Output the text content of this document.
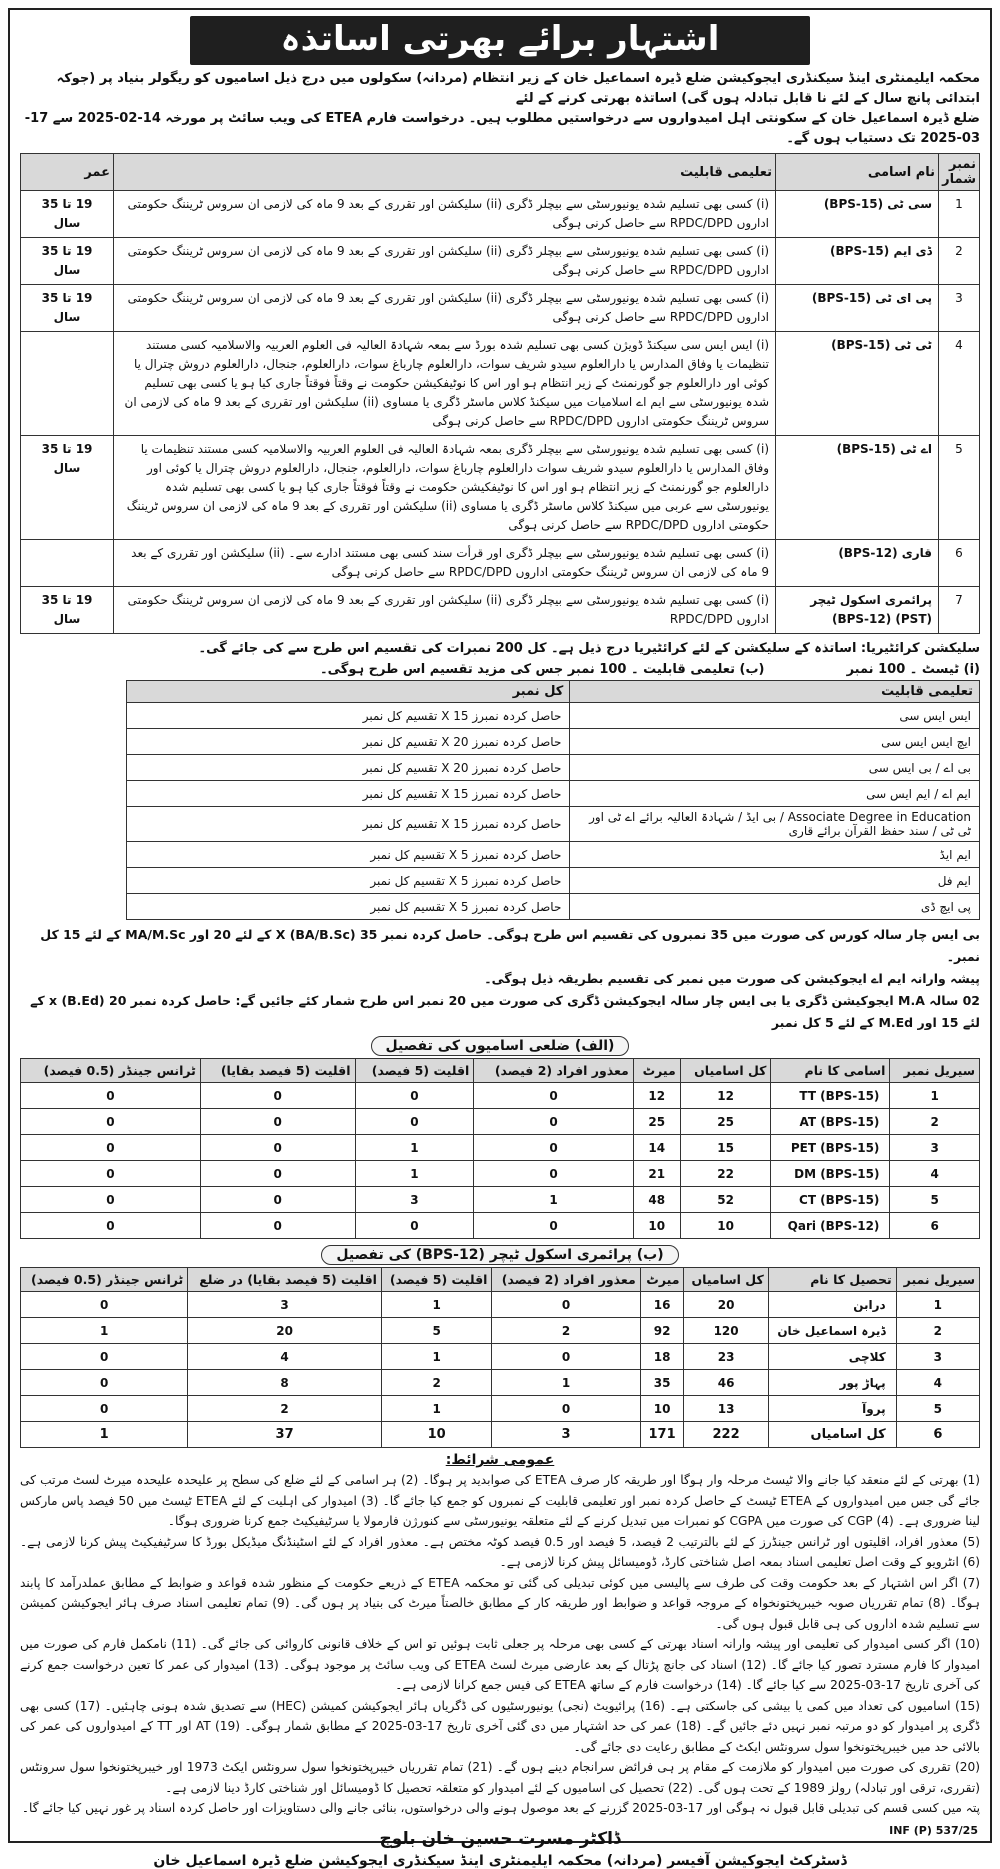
اشتہار برائے بھرتی اساتذہ
محکمہ ایلیمنٹری اینڈ سیکنڈری ایجوکیشن ضلع ڈیرہ اسماعیل خان کے زیر انتظام (مردانہ) سکولوں میں درج ذیل اسامیوں کو ریگولر بنیاد پر (جوکہ ابتدائی پانچ سال کے لئے نا قابل تبادلہ ہوں گی) اساتذہ بھرتی کرنے کے لئے
ضلع ڈیرہ اسماعیل خان کے سکونتی اہل امیدواروں سے درخواستیں مطلوب ہیں۔ درخواست فارم ETEA کی ویب سائٹ پر مورخہ 14-02-2025 سے 17-03-2025 تک دستیاب ہوں گے۔
نمبر شمار	نام اسامی	تعلیمی قابلیت	عمر
1	سی ٹی (BPS-15)	(i) کسی بھی تسلیم شدہ یونیورسٹی سے بیچلر ڈگری (ii) سلیکشن اور تقرری کے بعد 9 ماہ کی لازمی ان سروس ٹریننگ حکومتی اداروں RPDC/DPD سے حاصل کرنی ہوگی	19 تا 35 سال
2	ڈی ایم (BPS-15)	(i) کسی بھی تسلیم شدہ یونیورسٹی سے بیچلر ڈگری (ii) سلیکشن اور تقرری کے بعد 9 ماہ کی لازمی ان سروس ٹریننگ حکومتی اداروں RPDC/DPD سے حاصل کرنی ہوگی	19 تا 35 سال
3	پی ای ٹی (BPS-15)	(i) کسی بھی تسلیم شدہ یونیورسٹی سے بیچلر ڈگری (ii) سلیکشن اور تقرری کے بعد 9 ماہ کی لازمی ان سروس ٹریننگ حکومتی اداروں RPDC/DPD سے حاصل کرنی ہوگی	19 تا 35 سال
4	ٹی ٹی (BPS-15)	(i) ایس ایس سی سیکنڈ ڈویژن کسی بھی تسلیم شدہ بورڈ سے بمعہ شہادۃ العالیہ فی العلوم العربیہ والاسلامیہ کسی مستند تنظیمات یا وفاق المدارس یا دارالعلوم سیدو شریف سوات، دارالعلوم چارباغ سوات، دارالعلوم، جنجال، دارالعلوم دروش چترال یا کوئی اور دارالعلوم جو گورنمنٹ کے زیر انتظام ہو اور اس کا نوٹیفکیشن حکومت نے وقتاً فوقتاً جاری کیا ہو یا کسی بھی تسلیم شدہ یونیورسٹی سے ایم اے اسلامیات میں سیکنڈ کلاس ماسٹر ڈگری یا مساوی (ii) سلیکشن اور تقرری کے بعد 9 ماہ کی لازمی ان سروس ٹریننگ حکومتی اداروں RPDC/DPD سے حاصل کرنی ہوگی	
5	اے ٹی (BPS-15)	(i) کسی بھی تسلیم شدہ یونیورسٹی سے بیچلر ڈگری بمعہ شہادۃ العالیہ فی العلوم العربیہ والاسلامیہ کسی مستند تنظیمات یا وفاق المدارس یا دارالعلوم سیدو شریف سوات دارالعلوم چارباغ سوات، دارالعلوم، جنجال، دارالعلوم دروش چترال یا کوئی اور دارالعلوم جو گورنمنٹ کے زیر انتظام ہو اور اس کا نوٹیفکیشن حکومت نے وقتاً فوقتاً جاری کیا ہو یا کسی بھی تسلیم شدہ یونیورسٹی سے عربی میں سیکنڈ کلاس ماسٹر ڈگری یا مساوی (ii) سلیکشن اور تقرری کے بعد 9 ماہ کی لازمی ان سروس ٹریننگ حکومتی اداروں RPDC/DPD سے حاصل کرنی ہوگی	19 تا 35 سال
6	قاری (BPS-12)	(i) کسی بھی تسلیم شدہ یونیورسٹی سے بیچلر ڈگری اور قرأت سند کسی بھی مستند ادارے سے۔ (ii) سلیکشن اور تقرری کے بعد 9 ماہ کی لازمی ان سروس ٹریننگ حکومتی اداروں RPDC/DPD سے حاصل کرنی ہوگی	
7	پرائمری اسکول ٹیچر (PST) (BPS-12)	(i) کسی بھی تسلیم شدہ یونیورسٹی سے بیچلر ڈگری (ii) سلیکشن اور تقرری کے بعد 9 ماہ کی لازمی ان سروس ٹریننگ حکومتی اداروں RPDC/DPD	19 تا 35 سال
سلیکشن کرائٹیریا: اساتذہ کے سلیکشن کے لئے کرائٹیریا درج ذیل ہے۔ کل 200 نمبرات کی تقسیم اس طرح سے کی جائے گی۔
(i) ٹیسٹ ۔ 100 نمبر
(ب) تعلیمی قابلیت ۔ 100 نمبر جس کی مزید تقسیم اس طرح ہوگی۔
تعلیمی قابلیت	کل نمبر
ایس ایس سی	حاصل کردہ نمبرز 15 X تقسیم کل نمبر
ایچ ایس ایس سی	حاصل کردہ نمبرز 20 X تقسیم کل نمبر
بی اے / بی ایس سی	حاصل کردہ نمبرز 20 X تقسیم کل نمبر
ایم اے / ایم ایس سی	حاصل کردہ نمبرز 15 X تقسیم کل نمبر
Associate Degree in Education / بی ایڈ / شہادۃ العالیہ برائے اے ٹی اور ٹی ٹی / سند حفظ القرآن برائے قاری	حاصل کردہ نمبرز 15 X تقسیم کل نمبر
ایم ایڈ	حاصل کردہ نمبرز 5 X تقسیم کل نمبر
ایم فل	حاصل کردہ نمبرز 5 X تقسیم کل نمبر
پی ایچ ڈی	حاصل کردہ نمبرز 5 X تقسیم کل نمبر
بی ایس چار سالہ کورس کی صورت میں 35 نمبروں کی تقسیم اس طرح ہوگی۔ حاصل کردہ نمبر 35 X (BA/B.Sc) کے لئے 20 اور MA/M.Sc کے لئے 15 کل نمبر۔
پیشہ وارانہ ایم اے ایجوکیشن کی صورت میں نمبر کی تقسیم بطریقہ ذیل ہوگی۔
02 سالہ M.A ایجوکیشن ڈگری یا بی ایس چار سالہ ایجوکیشن ڈگری کی صورت میں 20 نمبر اس طرح شمار کئے جائیں گے: حاصل کردہ نمبر 20 x (B.Ed) کے لئے 15 اور M.Ed کے لئے 5 کل نمبر
(الف) ضلعی اسامیوں کی تفصیل
سیریل نمبر	اسامی کا نام	کل اسامیاں	میرٹ	معذور افراد (2 فیصد)	اقلیت (5 فیصد)	اقلیت (5 فیصد بقایا)	ٹرانس جینڈر (0.5 فیصد)
1	TT (BPS-15)	12	12	0	0	0	0
2	AT (BPS-15)	25	25	0	0	0	0
3	PET (BPS-15)	15	14	0	1	0	0
4	DM (BPS-15)	22	21	0	1	0	0
5	CT (BPS-15)	52	48	1	3	0	0
6	Qari (BPS-12)	10	10	0	0	0	0
(ب) پرائمری اسکول ٹیچر (BPS-12) کی تفصیل
سیریل نمبر	تحصیل کا نام	کل اسامیاں	میرٹ	معذور افراد (2 فیصد)	اقلیت (5 فیصد)	اقلیت (5 فیصد بقایا) در ضلع	ٹرانس جینڈر (0.5 فیصد)
1	درابن	20	16	0	1	3	0
2	ڈیرہ اسماعیل خان	120	92	2	5	20	1
3	کلاچی	23	18	0	1	4	0
4	پہاڑ پور	46	35	1	2	8	0
5	پروآ	13	10	0	1	2	0
6	کل اسامیاں	222	171	3	10	37	1
عمومی شرائط:
(1) بھرتی کے لئے منعقد کیا جانے والا ٹیسٹ مرحلہ وار ہوگا اور طریقہ کار صرف ETEA کی صوابدید پر ہوگا۔ (2) ہر اسامی کے لئے ضلع کی سطح پر علیحدہ علیحدہ میرٹ لسٹ مرتب کی جائے گی جس میں امیدواروں کے ETEA ٹیسٹ کے حاصل کردہ نمبر اور تعلیمی قابلیت کے نمبروں کو جمع کیا جائے گا۔ (3) امیدوار کی اہلیت کے لئے ETEA ٹیسٹ میں 50 فیصد پاس مارکس لینا ضروری ہے۔ (4) CGP کی صورت میں CGPA کو نمبرات میں تبدیل کرنے کے لئے متعلقہ یونیورسٹی سے کنورژن فارمولا یا سرٹیفیکیٹ جمع کرنا ضروری ہوگا۔
(5) معذور افراد، اقلیتوں اور ٹرانس جینڈرز کے لئے بالترتیب 2 فیصد، 5 فیصد اور 0.5 فیصد کوٹہ مختص ہے۔ معذور افراد کے لئے اسٹینڈنگ میڈیکل بورڈ کا سرٹیفیکیٹ پیش کرنا لازمی ہے۔ (6) انٹرویو کے وقت اصل تعلیمی اسناد بمعہ اصل شناختی کارڈ، ڈومیسائل پیش کرنا لازمی ہے۔
(7) اگر اس اشتہار کے بعد حکومت وقت کی طرف سے پالیسی میں کوئی تبدیلی کی گئی تو محکمہ ETEA کے ذریعے حکومت کے منظور شدہ قواعد و ضوابط کے مطابق عملدرآمد کا پابند ہوگا۔ (8) تمام تقرریاں صوبہ خیبرپختونخواہ کے مروجہ قواعد و ضوابط اور طریقہ کار کے مطابق خالصتاً میرٹ کی بنیاد پر ہوں گی۔ (9) تمام تعلیمی اسناد صرف ہائر ایجوکیشن کمیشن سے تسلیم شدہ اداروں کی ہی قابل قبول ہوں گی۔
(10) اگر کسی امیدوار کی تعلیمی اور پیشہ وارانہ اسناد بھرتی کے کسی بھی مرحلہ پر جعلی ثابت ہوئیں تو اس کے خلاف قانونی کاروائی کی جائے گی۔ (11) نامکمل فارم کی صورت میں امیدوار کا فارم مسترد تصور کیا جائے گا۔ (12) اسناد کی جانچ پڑتال کے بعد عارضی میرٹ لسٹ ETEA کی ویب سائٹ پر موجود ہوگی۔ (13) امیدوار کی عمر کا تعین درخواست جمع کرنے کی آخری تاریخ 17-03-2025 سے کیا جائے گا۔ (14) درخواست فارم کے ساتھ ETEA کی فیس جمع کرانا لازمی ہے۔
(15) اسامیوں کی تعداد میں کمی یا بیشی کی جاسکتی ہے۔ (16) پرائیویٹ (نجی) یونیورسٹیوں کی ڈگریاں ہائر ایجوکیشن کمیشن (HEC) سے تصدیق شدہ ہونی چاہئیں۔ (17) کسی بھی ڈگری پر امیدوار کو دو مرتبہ نمبر نہیں دئے جائیں گے۔ (18) عمر کی حد اشتہار میں دی گئی آخری تاریخ 17-03-2025 کے مطابق شمار ہوگی۔ (19) AT اور TT کے امیدواروں کی عمر کی بالائی حد میں خیبرپختونخوا سول سرونٹس ایکٹ کے مطابق رعایت دی جائے گی۔
(20) تقرری کی صورت میں امیدوار کو ملازمت کے مقام پر ہی فرائض سرانجام دینے ہوں گے۔ (21) تمام تقرریاں خیبرپختونخوا سول سرونٹس ایکٹ 1973 اور خیبرپختونخوا سول سرونٹس (تقرری، ترقی اور تبادلہ) رولز 1989 کے تحت ہوں گی۔ (22) تحصیل کی اسامیوں کے لئے امیدوار کو متعلقہ تحصیل کا ڈومیسائل اور شناختی کارڈ دینا لازمی ہے۔
پتہ میں کسی قسم کی تبدیلی قابل قبول نہ ہوگی اور 17-03-2025 گزرنے کے بعد موصول ہونے والی درخواستوں، بنائی جانے والی دستاویزات اور حاصل کردہ اسناد پر غور نہیں کیا جائے گا۔
ڈاکٹر مسرت حسین خان بلوچ
ڈسٹرکٹ ایجوکیشن آفیسر (مردانہ) محکمہ ایلیمنٹری اینڈ سیکنڈری ایجوکیشن ضلع ڈیرہ اسماعیل خان
INF (P) 537/25
